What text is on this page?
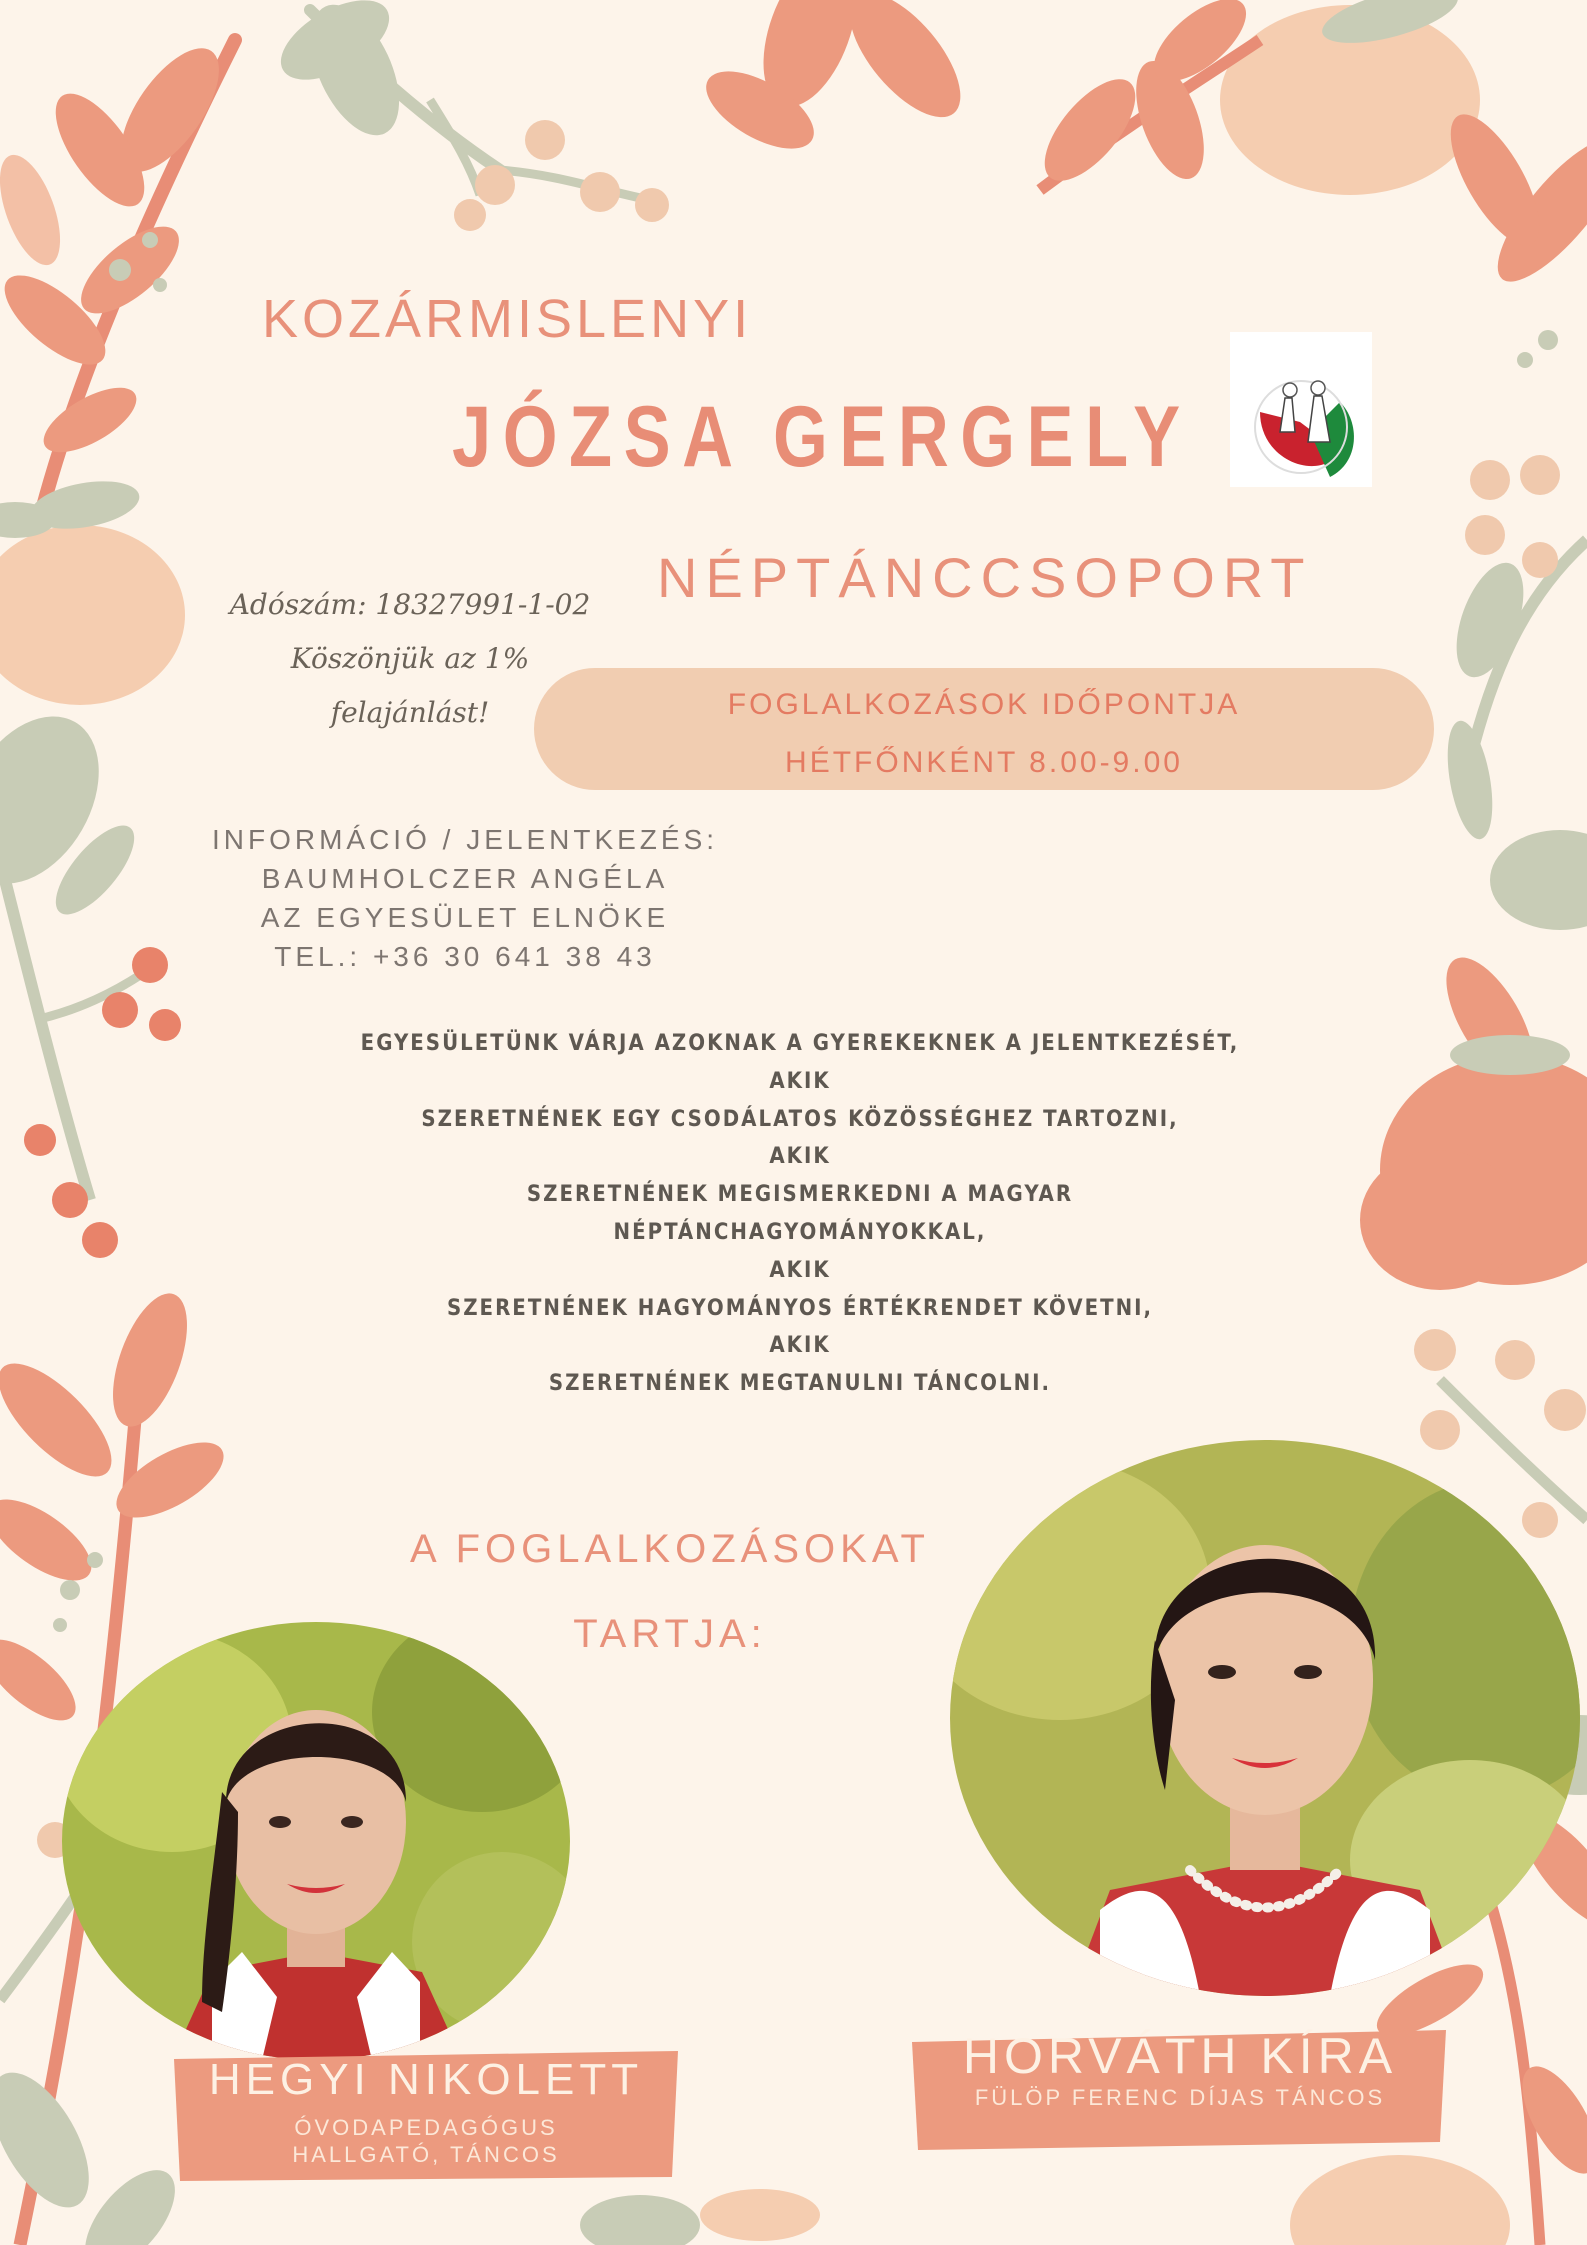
KOZÁRMISLENYI
JÓZSA GERGELY
NÉPTÁNCCSOPORT
Adószám: 18327991-1-02
Köszönjük az 1%
felajánlást!	FOGLALKOZÁSOK IDŐPONTJA
HÉTFŐNKÉNT 8.00-9.00
INFORMÁCIÓ / JELENTKEZÉS:
BAUMHOLCZER ANGÉLA
AZ EGYESÜLET ELNÖKE
TEL.: +36 30 641 38 43
EGYESÜLETÜNK VÁRJA AZOKNAK A GYEREKEKNEK A JELENTKEZÉSÉT,
AKIK
SZERETNÉNEK EGY CSODÁLATOS KÖZÖSSÉGHEZ TARTOZNI,
AKIK
SZERETNÉNEK MEGISMERKEDNI A MAGYAR
NÉPTÁNCHAGYOMÁNYOKKAL,
AKIK
SZERETNÉNEK HAGYOMÁNYOS ÉRTÉKRENDET KÖVETNI,
AKIK
SZERETNÉNEK MEGTANULNI TÁNCOLNI.
A FOGLALKOZÁSOKAT
TARTJA:
HEGYI NIKOLETT
ÓVODAPEDAGÓGUS
HALLGATÓ, TÁNCOS
HORVÁTH KÍRA
FÜLÖP FERENC DÍJAS TÁNCOS
